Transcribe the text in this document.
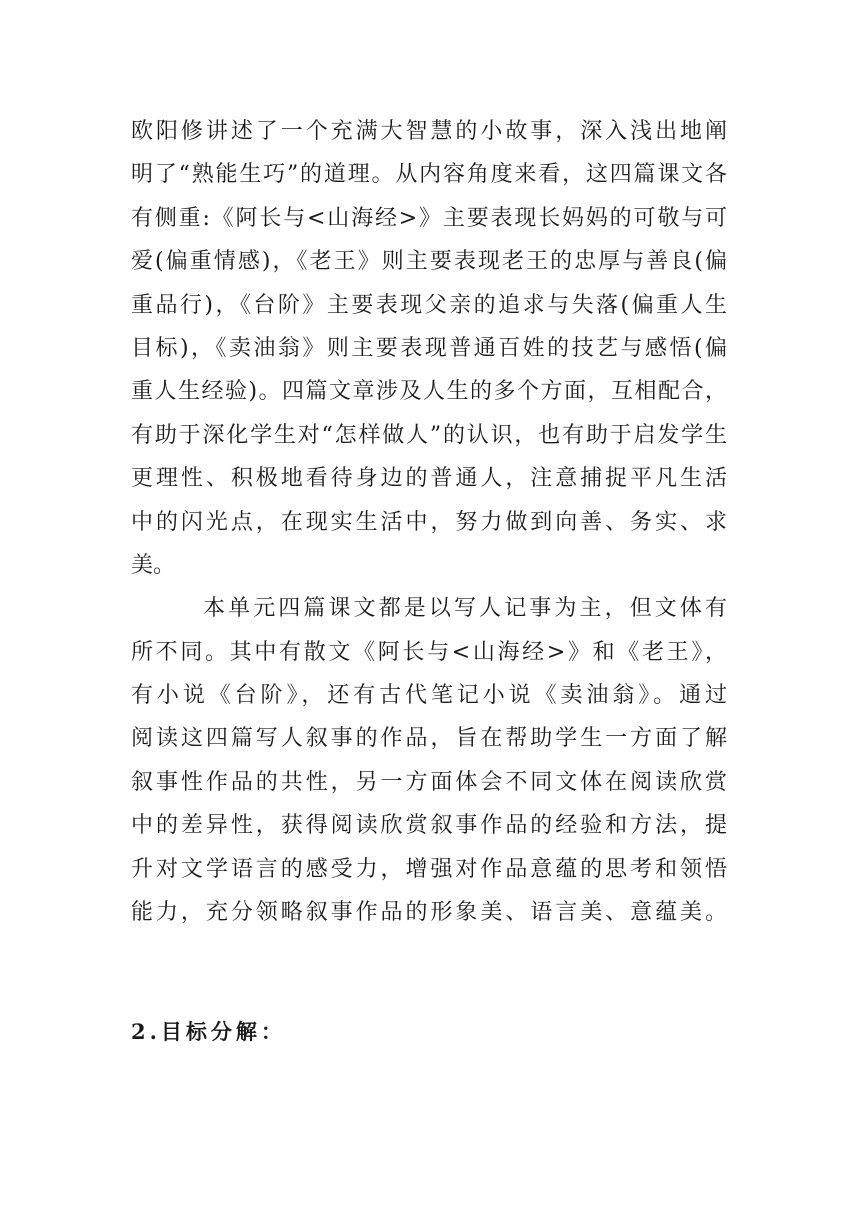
欧阳修讲述了一个充满大智慧的小故事，深入浅出地阐
明了“熟能生巧”的道理。从内容角度来看，这四篇课文各
有侧重:《阿长与<山海经>》主要表现长妈妈的可敬与可
爱(偏重情感)，《老王》则主要表现老王的忠厚与善良(偏
重品行)，《台阶》主要表现父亲的追求与失落(偏重人生
目标)，《卖油翁》则主要表现普通百姓的技艺与感悟(偏
重人生经验)。四篇文章涉及人生的多个方面，互相配合，
有助于深化学生对“怎样做人”的认识，也有助于启发学生
更理性、积极地看待身边的普通人，注意捕捉平凡生活
中的闪光点，在现实生活中，努力做到向善、务实、求
美。
本单元四篇课文都是以写人记事为主，但文体有
所不同。其中有散文《阿长与<山海经>》和《老王》，
有小说《台阶》，还有古代笔记小说《卖油翁》。通过
阅读这四篇写人叙事的作品，旨在帮助学生一方面了解
叙事性作品的共性，另一方面体会不同文体在阅读欣赏
中的差异性，获得阅读欣赏叙事作品的经验和方法，提
升对文学语言的感受力，增强对作品意蕴的思考和领悟
能力，充分领略叙事作品的形象美、语言美、意蕴美。
2.目标分解：
